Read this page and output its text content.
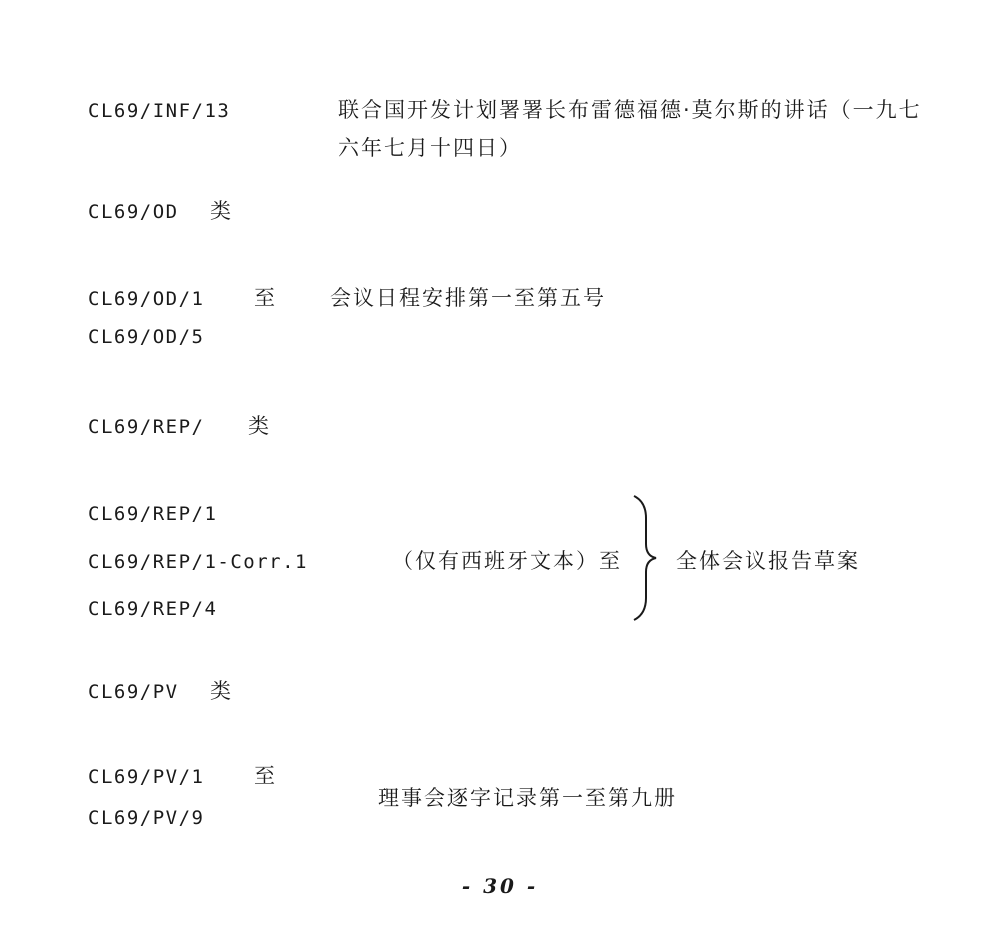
CL69/INF/13	联合国开发计划署署长布雷德福德·莫尔斯的讲话（一九七
六年七月十四日）
CL69/OD 类
CL69/OD/1 至
CL69/OD/5
会议日程安排第一至第五号
CL69/REP/ 类
CL69/REP/1
CL69/REP/1-Corr.1	（仅有西班牙文本）至
CL69/REP/4
全体会议报告草案
CL69/PV 类
CL69/PV/1 至
CL69/PV/9
理事会逐字记录第一至第九册
- 30 -
